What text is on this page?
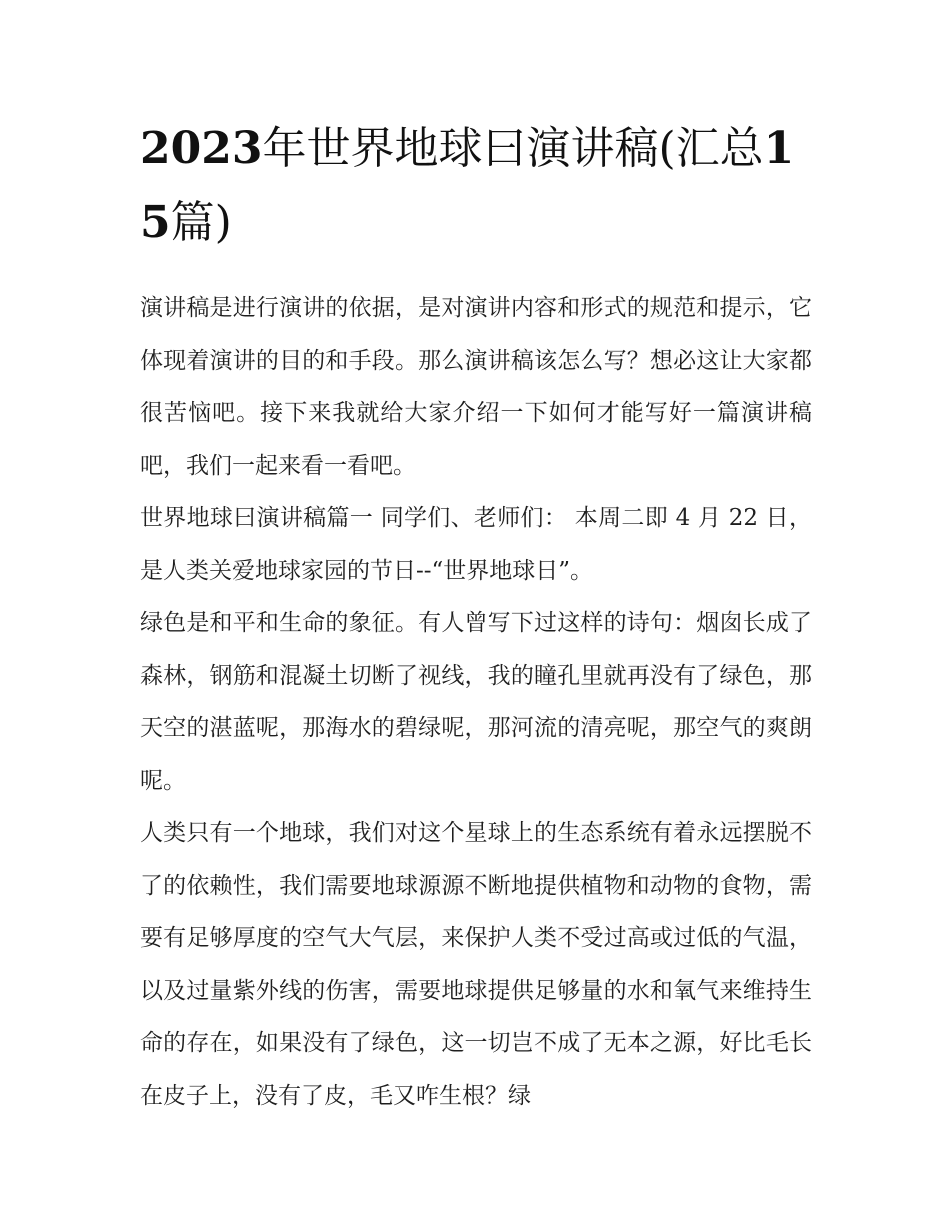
2023年世界地球曰演讲稿(汇总15篇)

演讲稿是进行演讲的依据，是对演讲内容和形式的规范和提示，它体现着演讲的目的和手段。那么演讲稿该怎么写？想必这让大家都很苦恼吧。接下来我就给大家介绍一下如何才能写好一篇演讲稿吧，我们一起来看一看吧。

世界地球曰演讲稿篇一 同学们、老师们： 本周二即 4 月 22 日，是人类关爱地球家园的节日--“世界地球日”。

绿色是和平和生命的象征。有人曾写下过这样的诗句：烟囱长成了森林，钢筋和混凝土切断了视线，我的瞳孔里就再没有了绿色，那天空的湛蓝呢，那海水的碧绿呢，那河流的清亮呢，那空气的爽朗呢。

人类只有一个地球，我们对这个星球上的生态系统有着永远摆脱不了的依赖性，我们需要地球源源不断地提供植物和动物的食物，需要有足够厚度的空气大气层，来保护人类不受过高或过低的气温，以及过量紫外线的伤害，需要地球提供足够量的水和氧气来维持生命的存在，如果没有了绿色，这一切岂不成了无本之源，好比毛长在皮子上，没有了皮，毛又咋生根？绿
